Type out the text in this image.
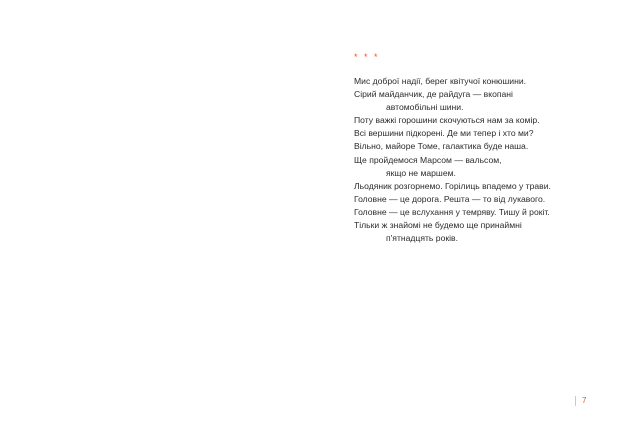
* * *
Мис доброї надії, берег квітучої конюшини.
Сірий майданчик, де райдуга — вкопані
автомобільні шини.
Поту важкі горошини скочуються нам за комір.
Всі вершини підкорені. Де ми тепер і хто ми?
Вільно, майоре Томе, галактика буде наша.
Ще пройдемося Марсом — вальсом,
якщо не маршем.
Льодяник розгорнемо. Горілиць впадемо у трави.
Головне — це дорога. Решта — то від лукавого.
Головне — це вслухання у темряву. Тишу й рокіт.
Тільки ж знайомі не будемо ще принаймні
п'ятнадцять років.
7
